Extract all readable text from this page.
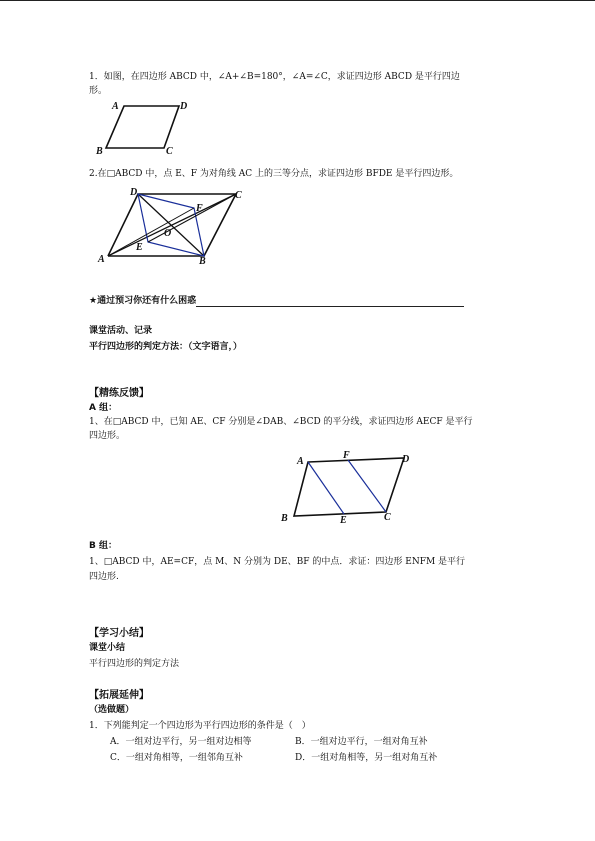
1．如图，在四边形 ABCD 中，∠A+∠B=180°，∠A=∠C，求证四边形 ABCD 是平行四边
形。
A	D
B	C
2.在□ABCD 中，点 E、F 为对角线 AC 上的三等分点，求证四边形 BFDE 是平行四边形。
D	C
F
O
E
A	B
★通过预习你还有什么困惑
课堂活动、记录
平行四边形的判定方法：（文字语言，）
【精练反馈】
A 组：
1、在□ABCD 中，已知 AE、CF 分别是∠DAB、∠BCD 的平分线，求证四边形 AECF 是平行
四边形。
A
F	D
B	E	C
B 组：
1、□ABCD 中，AE=CF，点 M、N 分别为 DE、BF 的中点．求证：四边形 ENFM 是平行
四边形.
【学习小结】
课堂小结
平行四边形的判定方法
【拓展延伸】
（选做题）
1．下列能判定一个四边形为平行四边形的条件是（　）
A．一组对边平行，另一组对边相等	B．一组对边平行，一组对角互补
C．一组对角相等，一组邻角互补	D．一组对角相等，另一组对角互补
